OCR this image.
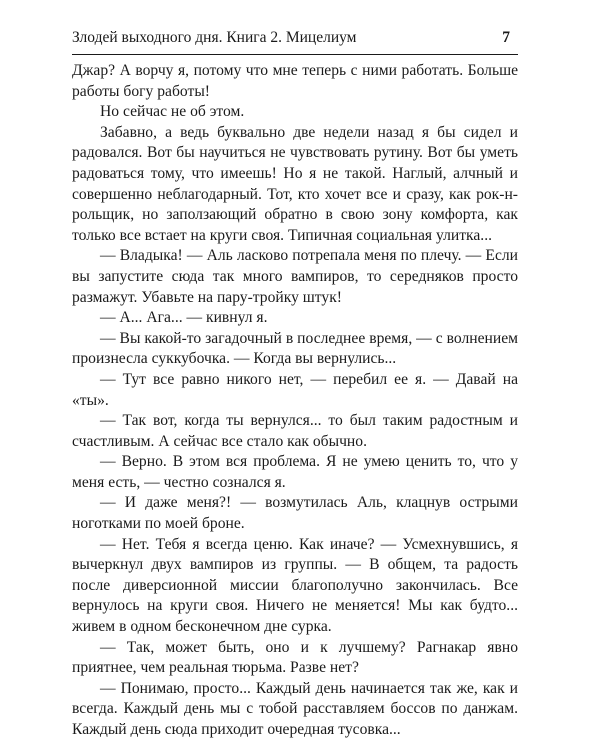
Злодей выходного дня. Книга 2. Мицелиум	7

Джар? А ворчу я, потому что мне теперь с ними работать. Больше работы богу работы!

Но сейчас не об этом.

Забавно, а ведь буквально две недели назад я бы сидел и радовался. Вот бы научиться не чувствовать рутину. Вот бы уметь радоваться тому, что имеешь! Но я не такой. Наглый, алчный и совершенно неблагодарный. Тот, кто хочет все и сразу, как рок-н-рольщик, но заползающий обратно в свою зону комфорта, как только все встает на круги своя. Типичная социальная улитка...

— Владыка! — Аль ласково потрепала меня по плечу. — Если вы запустите сюда так много вампиров, то середняков просто размажут. Убавьте на пару-тройку штук!

— А... Ага... — кивнул я.

— Вы какой-то загадочный в последнее время, — с волнением произнесла суккубочка. — Когда вы вернулись...

— Тут все равно никого нет, — перебил ее я. — Давай на «ты».

— Так вот, когда ты вернулся... то был таким радостным и счастливым. А сейчас все стало как обычно.

— Верно. В этом вся проблема. Я не умею ценить то, что у меня есть, — честно сознался я.

— И даже меня?! — возмутилась Аль, клацнув острыми ноготками по моей броне.

— Нет. Тебя я всегда ценю. Как иначе? — Усмехнувшись, я вычеркнул двух вампиров из группы. — В общем, та радость после диверсионной миссии благополучно закончилась. Все вернулось на круги своя. Ничего не меняется! Мы как будто... живем в одном бесконечном дне сурка.

— Так, может быть, оно и к лучшему? Рагнакар явно приятнее, чем реальная тюрьма. Разве нет?

— Понимаю, просто... Каждый день начинается так же, как и всегда. Каждый день мы с тобой расставляем боссов по данжам. Каждый день сюда приходит очередная тусовка...
